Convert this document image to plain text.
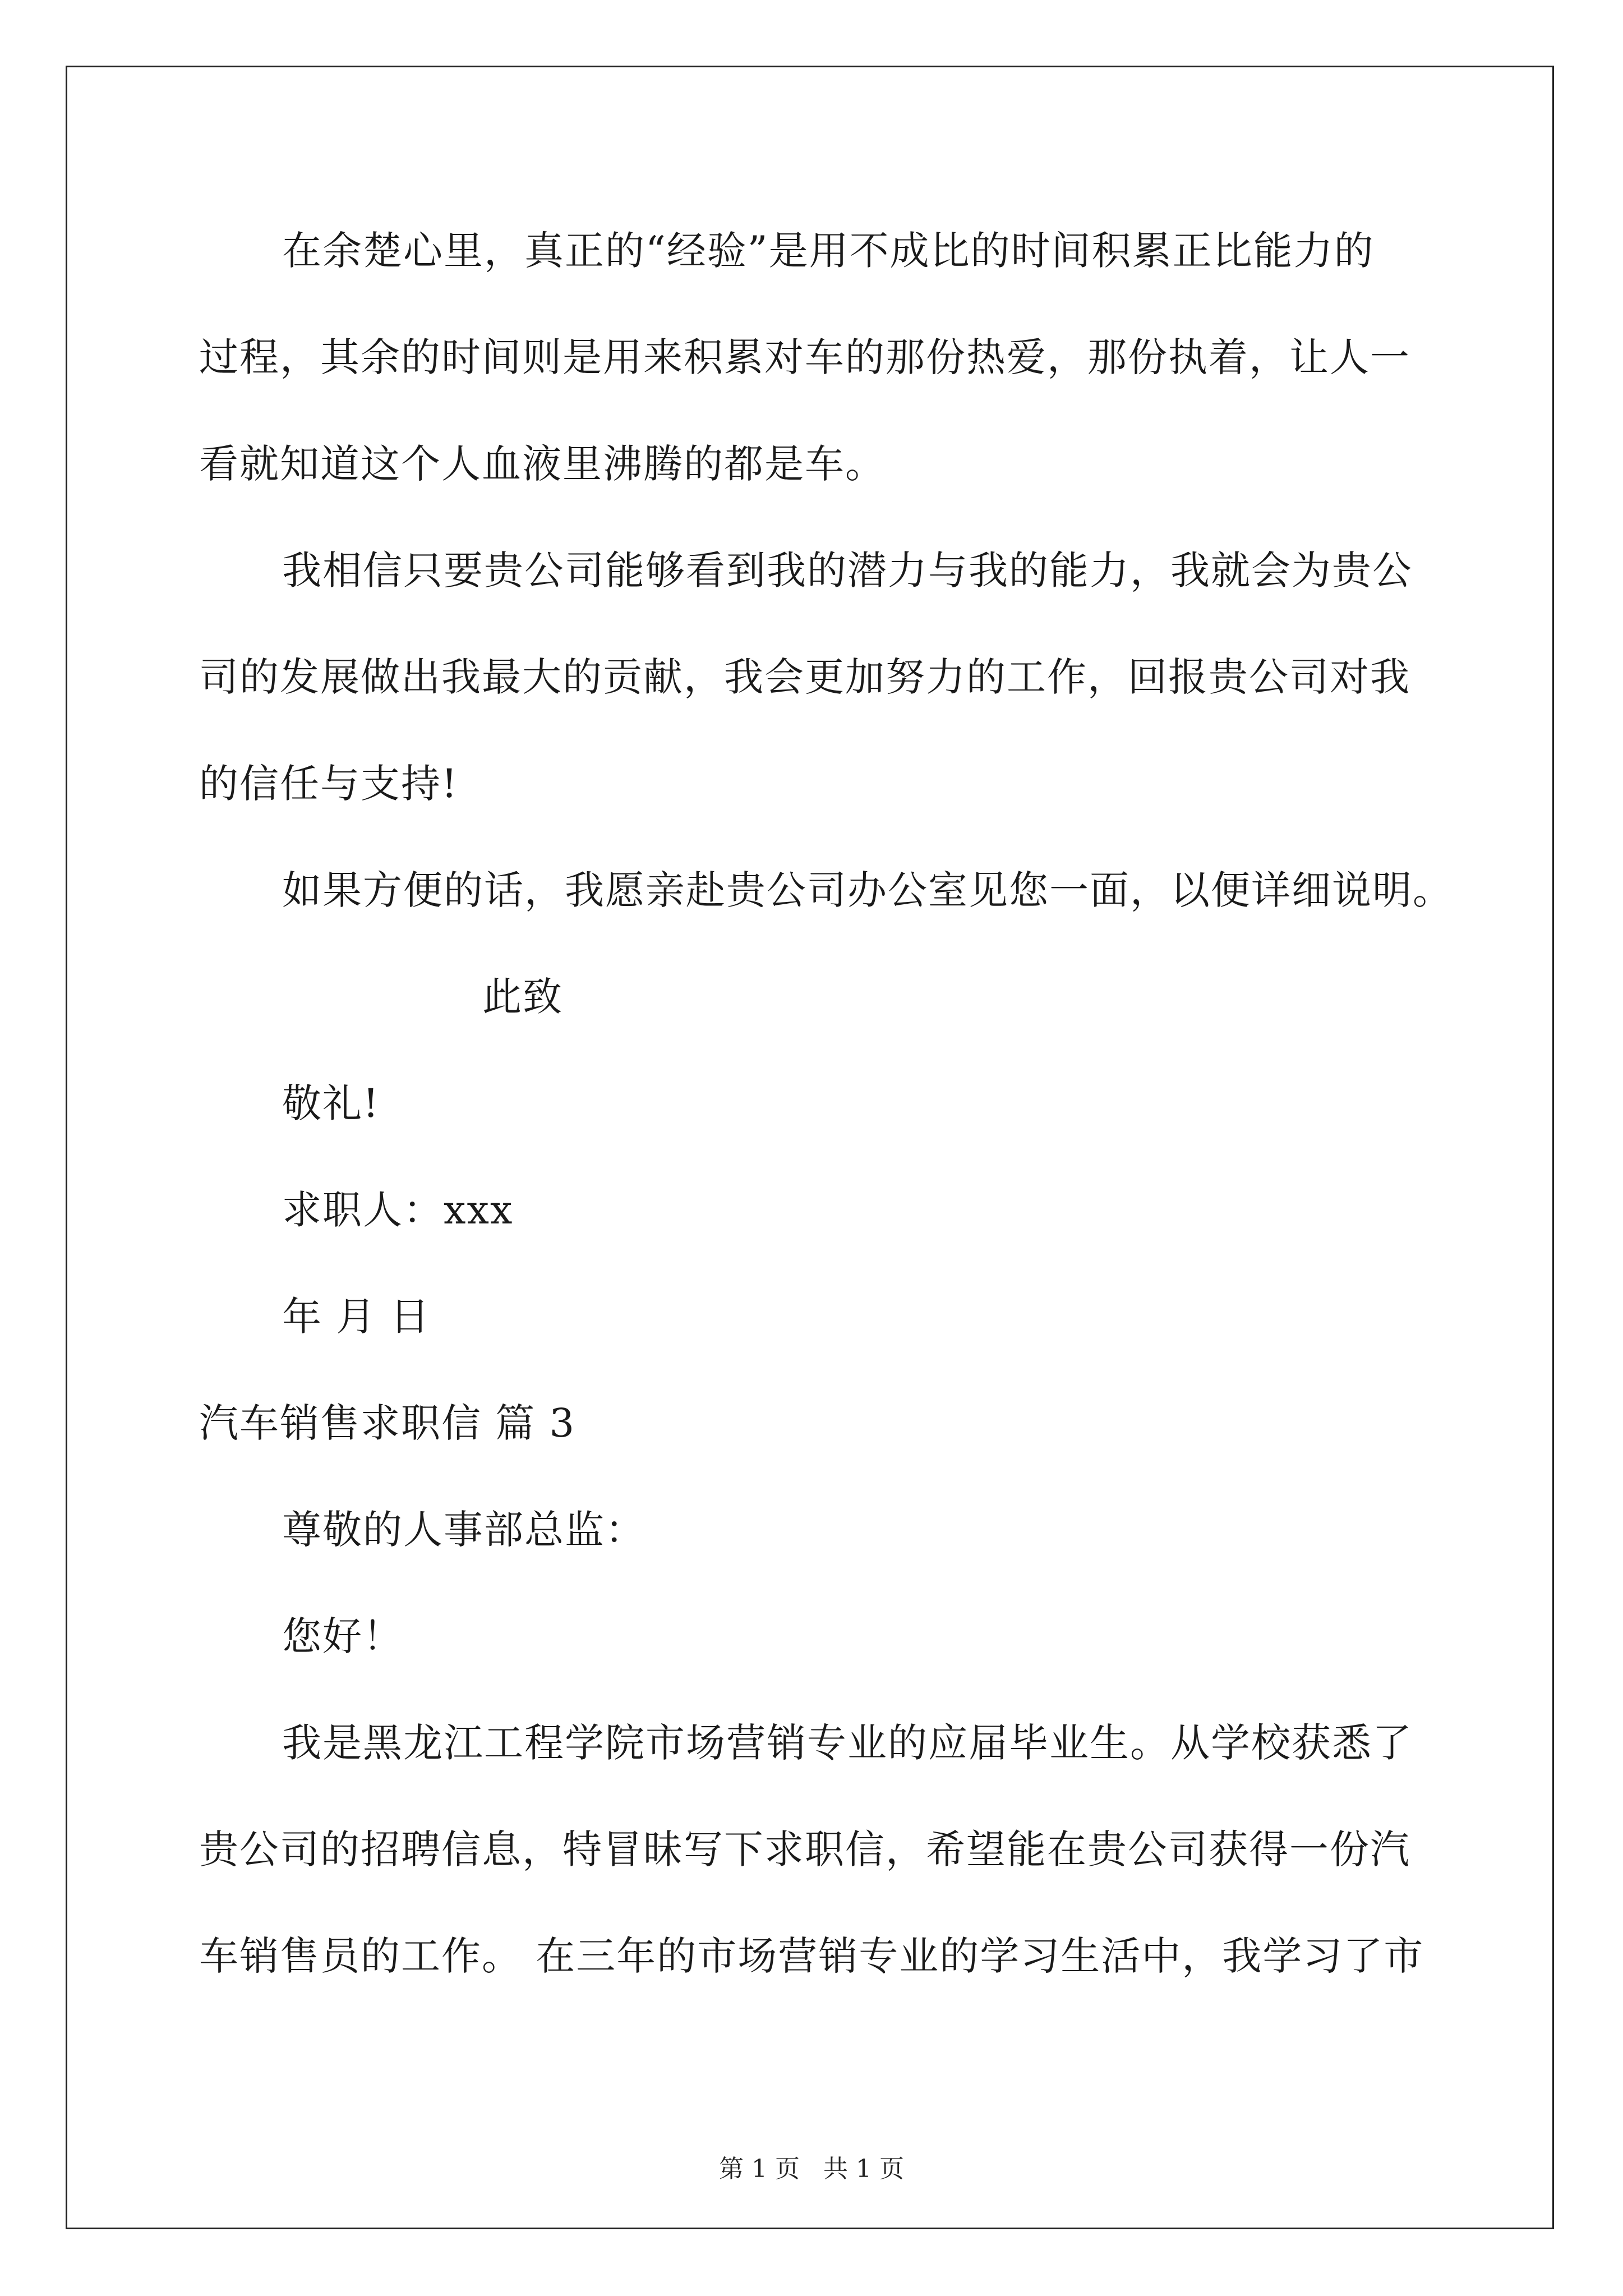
在余楚心里，真正的“经验”是用不成比的时间积累正比能力的
过程，其余的时间则是用来积累对车的那份热爱，那份执着，让人一
看就知道这个人血液里沸腾的都是车。
我相信只要贵公司能够看到我的潜力与我的能力，我就会为贵公
司的发展做出我最大的贡献，我会更加努力的工作，回报贵公司对我
的信任与支持!
如果方便的话，我愿亲赴贵公司办公室见您一面，以便详细说明。
此致
敬礼!
求职人：xxx
年 月 日
汽车销售求职信 篇 3
尊敬的人事部总监：
您好！
我是黑龙江工程学院市场营销专业的应届毕业生。从学校获悉了
贵公司的招聘信息，特冒昧写下求职信，希望能在贵公司获得一份汽
车销售员的工作。 在三年的市场营销专业的学习生活中，我学习了市
第 1 页   共 1 页
